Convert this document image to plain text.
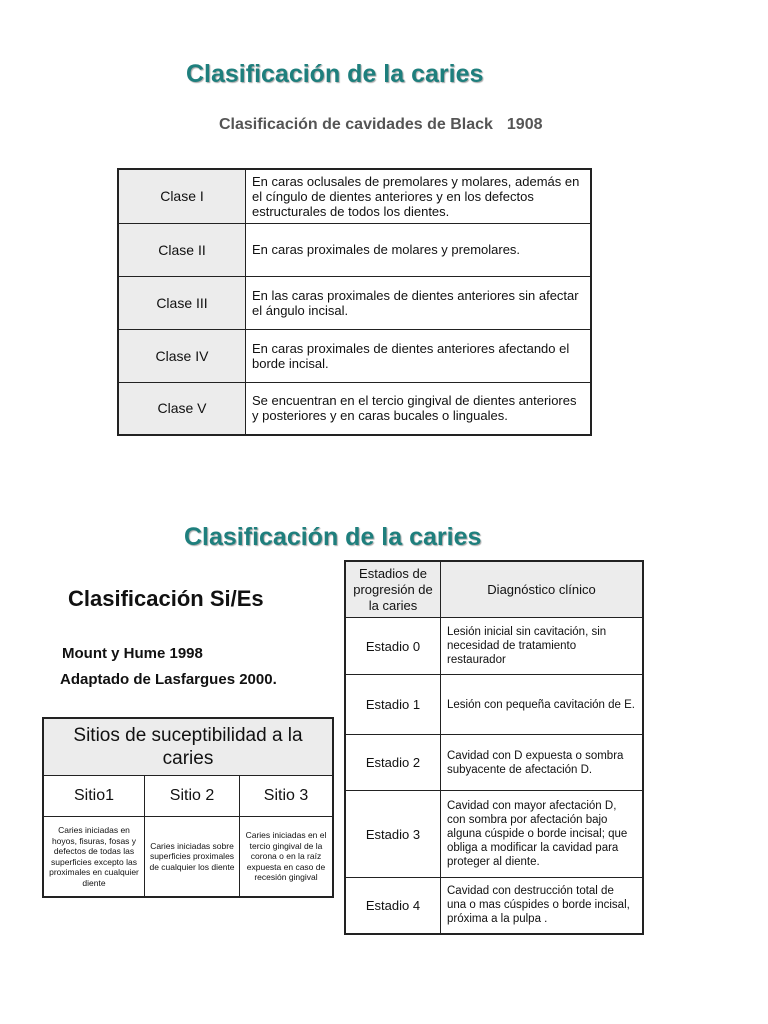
Clasificación de la caries
Clasificación de cavidades de Black 1908
Clase I	En caras oclusales de premolares y molares, además en el cíngulo de dientes anteriores y en los defectos estructurales de todos los dientes.
Clase II	En caras proximales de molares y premolares.
Clase III	En las caras proximales de dientes anteriores sin afectar el ángulo incisal.
Clase IV	En caras proximales de dientes anteriores afectando el borde incisal.
Clase V	Se encuentran en el tercio gingival de dientes anteriores y posteriores y en caras bucales o linguales.
Clasificación de la caries
Clasificación Si/Es
Mount y Hume 1998
Adaptado de Lasfargues 2000.
Sitios de suceptibilidad a la caries		
Sitio1	Sitio 2	Sitio 3
Caries iniciadas en hoyos, fisuras, fosas y defectos de todas las superficies excepto las proximales en cualquier diente	Caries iniciadas sobre superficies proximales de cualquier los diente	Caries iniciadas en el tercio gingival de la corona o en la raíz expuesta en caso de recesión gingival
Estadios de progresión de la caries	Diagnóstico clínico
Estadio 0	Lesión inicial sin cavitación, sin necesidad de tratamiento restaurador
Estadio 1	Lesión con pequeña cavitación de E.
Estadio 2	Cavidad con D expuesta o sombra subyacente de afectación D.
Estadio 3	Cavidad con mayor afectación D, con sombra por afectación bajo alguna cúspide o borde incisal; que obliga a modificar la cavidad para proteger al diente.
Estadio 4	Cavidad con destrucción total de una o mas cúspides o borde incisal, próxima a la pulpa .
